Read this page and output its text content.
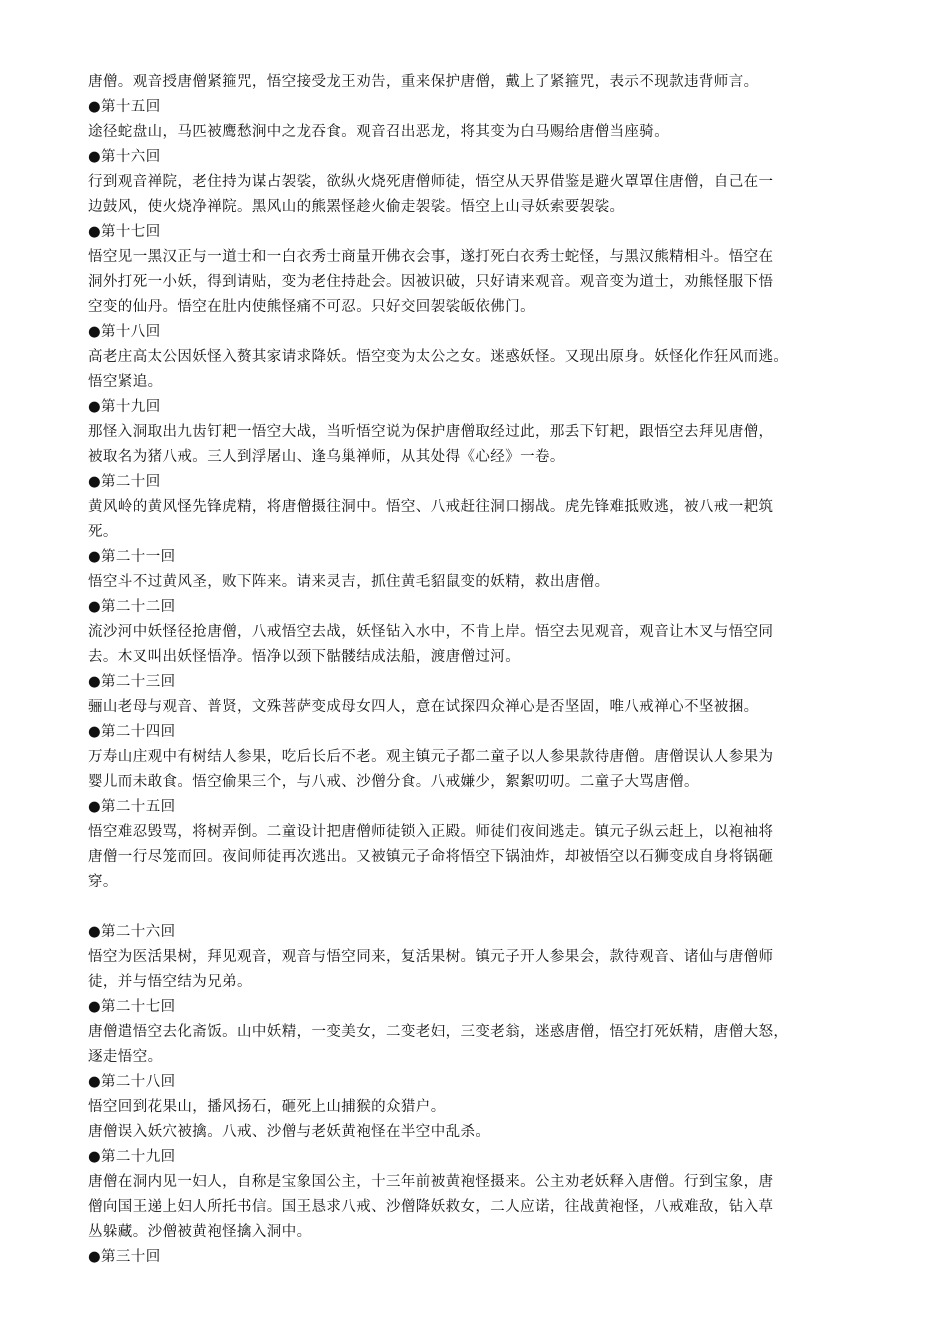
唐僧。观音授唐僧紧箍咒，悟空接受龙王劝告，重来保护唐僧，戴上了紧箍咒，表示不现款违背师言。
●第十五回
途径蛇盘山，马匹被鹰愁涧中之龙吞食。观音召出恶龙，将其变为白马赐给唐僧当座骑。
●第十六回
行到观音禅院，老住持为谋占袈裟，欲纵火烧死唐僧师徒，悟空从天界借鉴是避火罩罩住唐僧，自己在一
边鼓风，使火烧净禅院。黑风山的熊罴怪趁火偷走袈裟。悟空上山寻妖索要袈裟。
●第十七回
悟空见一黑汉正与一道士和一白衣秀士商量开佛衣会事，遂打死白衣秀士蛇怪，与黑汉熊精相斗。悟空在
洞外打死一小妖，得到请贴，变为老住持赴会。因被识破，只好请来观音。观音变为道士，劝熊怪服下悟
空变的仙丹。悟空在肚内使熊怪痛不可忍。只好交回袈裟皈依佛门。
●第十八回
高老庄高太公因妖怪入赘其家请求降妖。悟空变为太公之女。迷惑妖怪。又现出原身。妖怪化作狂风而逃。
悟空紧追。
●第十九回
那怪入洞取出九齿钉耙一悟空大战，当听悟空说为保护唐僧取经过此，那丢下钉耙，跟悟空去拜见唐僧，
被取名为猪八戒。三人到浮屠山、逢乌巢禅师，从其处得《心经》一卷。
●第二十回
黄风岭的黄风怪先锋虎精，将唐僧摄往洞中。悟空、八戒赶往洞口搦战。虎先锋难抵败逃，被八戒一耙筑
死。
●第二十一回
悟空斗不过黄风圣，败下阵来。请来灵吉，抓住黄毛貂鼠变的妖精，救出唐僧。
●第二十二回
流沙河中妖怪径抢唐僧，八戒悟空去战，妖怪钻入水中，不肯上岸。悟空去见观音，观音让木叉与悟空同
去。木叉叫出妖怪悟净。悟净以颈下骷髅结成法船，渡唐僧过河。
●第二十三回
骊山老母与观音、普贤，文殊菩萨变成母女四人，意在试探四众禅心是否坚固，唯八戒禅心不坚被捆。
●第二十四回
万寿山庄观中有树结人参果，吃后长后不老。观主镇元子都二童子以人参果款待唐僧。唐僧误认人参果为
婴儿而未敢食。悟空偷果三个，与八戒、沙僧分食。八戒嫌少，絮絮叨叨。二童子大骂唐僧。
●第二十五回
悟空难忍毁骂，将树弄倒。二童设计把唐僧师徒锁入正殿。师徒们夜间逃走。镇元子纵云赶上，以袍袖将
唐僧一行尽笼而回。夜间师徒再次逃出。又被镇元子命将悟空下锅油炸，却被悟空以石狮变成自身将锅砸
穿。
●第二十六回
悟空为医活果树，拜见观音，观音与悟空同来，复活果树。镇元子开人参果会，款待观音、诸仙与唐僧师
徒，并与悟空结为兄弟。
●第二十七回
唐僧遣悟空去化斋饭。山中妖精，一变美女，二变老妇，三变老翁，迷惑唐僧，悟空打死妖精，唐僧大怒，
逐走悟空。
●第二十八回
悟空回到花果山，播风扬石，砸死上山捕猴的众猎户。
唐僧误入妖穴被擒。八戒、沙僧与老妖黄袍怪在半空中乱杀。
●第二十九回
唐僧在洞内见一妇人，自称是宝象国公主，十三年前被黄袍怪摄来。公主劝老妖释入唐僧。行到宝象，唐
僧向国王递上妇人所托书信。国王恳求八戒、沙僧降妖救女，二人应诺，往战黄袍怪，八戒难敌，钻入草
丛躲藏。沙僧被黄袍怪擒入洞中。
●第三十回
